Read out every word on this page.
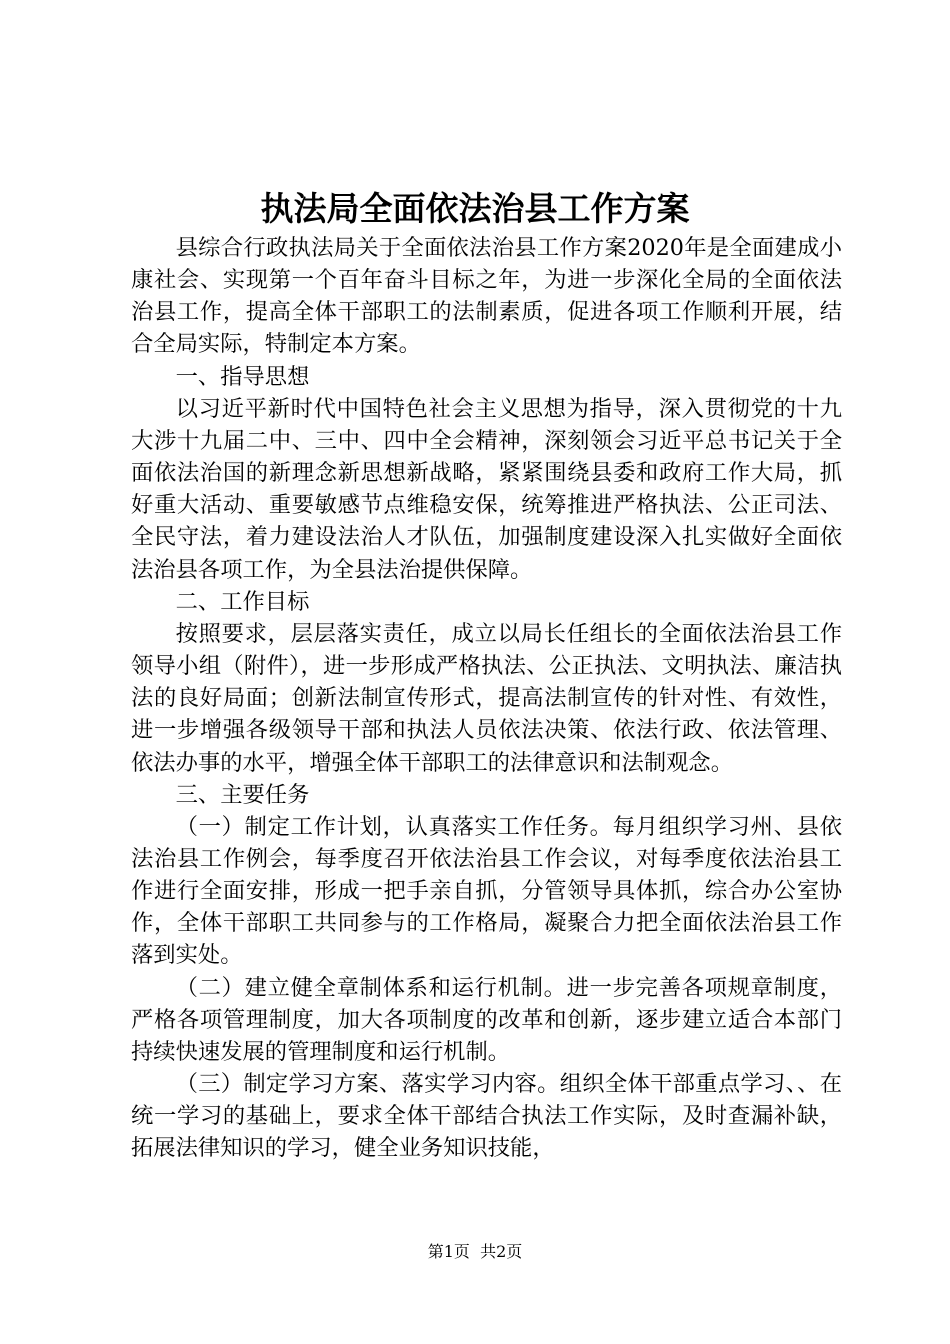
执法局全面依法治县工作方案

县综合行政执法局关于全面依法治县工作方案2020年是全面建成小康社会、实现第一个百年奋斗目标之年，为进一步深化全局的全面依法治县工作，提高全体干部职工的法制素质，促进各项工作顺利开展，结合全局实际，特制定本方案。

一、指导思想

以习近平新时代中国特色社会主义思想为指导，深入贯彻党的十九大涉十九届二中、三中、四中全会精神，深刻领会习近平总书记关于全面依法治国的新理念新思想新战略，紧紧围绕县委和政府工作大局，抓好重大活动、重要敏感节点维稳安保，统筹推进严格执法、公正司法、全民守法，着力建设法治人才队伍，加强制度建设深入扎实做好全面依法治县各项工作，为全县法治提供保障。

二、工作目标

按照要求，层层落实责任，成立以局长任组长的全面依法治县工作领导小组（附件），进一步形成严格执法、公正执法、文明执法、廉洁执法的良好局面；创新法制宣传形式，提高法制宣传的针对性、有效性，进一步增强各级领导干部和执法人员依法决策、依法行政、依法管理、依法办事的水平，增强全体干部职工的法律意识和法制观念。

三、主要任务

（一）制定工作计划，认真落实工作任务。每月组织学习州、县依法治县工作例会，每季度召开依法治县工作会议，对每季度依法治县工作进行全面安排，形成一把手亲自抓，分管领导具体抓，综合办公室协作，全体干部职工共同参与的工作格局，凝聚合力把全面依法治县工作落到实处。

（二）建立健全章制体系和运行机制。进一步完善各项规章制度，严格各项管理制度，加大各项制度的改革和创新，逐步建立适合本部门持续快速发展的管理制度和运行机制。

（三）制定学习方案、落实学习内容。组织全体干部重点学习、、在统一学习的基础上，要求全体干部结合执法工作实际，及时查漏补缺，拓展法律知识的学习，健全业务知识技能，

第1页  共2页
